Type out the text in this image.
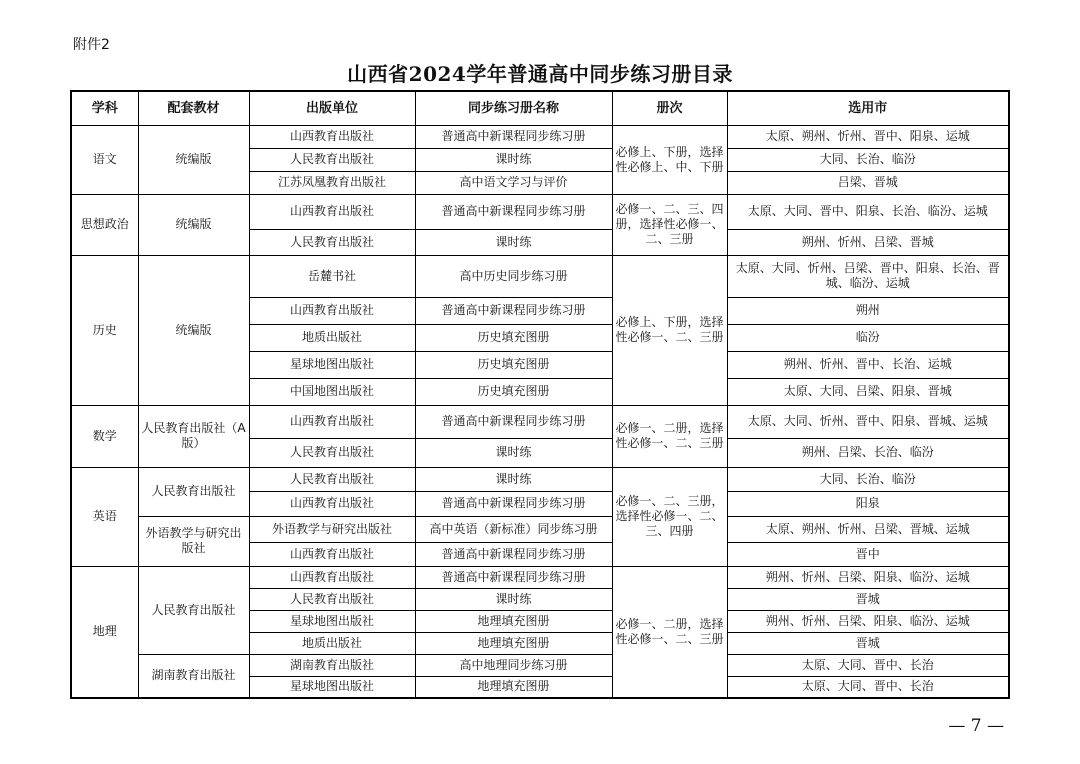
附件2
山西省2024学年普通高中同步练习册目录
学科	配套教材	出版单位	同步练习册名称	册次	选用市
语文	统编版	山西教育出版社	普通高中新课程同步练习册	必修上、下册，选择性必修上、中、下册	太原、朔州、忻州、晋中、阳泉、运城
		人民教育出版社	课时练		大同、长治、临汾
		江苏凤凰教育出版社	高中语文学习与评价		吕梁、晋城
思想政治	统编版	山西教育出版社	普通高中新课程同步练习册	必修一、二、三、四册，选择性必修一、二、三册	太原、大同、晋中、阳泉、长治、临汾、运城
		人民教育出版社	课时练		朔州、忻州、吕梁、晋城
历史	统编版	岳麓书社	高中历史同步练习册	必修上、下册，选择性必修一、二、三册	太原、大同、忻州、吕梁、晋中、阳泉、长治、晋城、临汾、运城
		山西教育出版社	普通高中新课程同步练习册		朔州
		地质出版社	历史填充图册		临汾
		星球地图出版社	历史填充图册		朔州、忻州、晋中、长治、运城
		中国地图出版社	历史填充图册		太原、大同、吕梁、阳泉、晋城
数学	人民教育出版社（A版）	山西教育出版社	普通高中新课程同步练习册	必修一、二册，选择性必修一、二、三册	太原、大同、忻州、晋中、阳泉、晋城、运城
		人民教育出版社	课时练		朔州、吕梁、长治、临汾
英语	人民教育出版社	人民教育出版社	课时练	必修一、二、三册，选择性必修一、二、三、四册	大同、长治、临汾
		山西教育出版社	普通高中新课程同步练习册		阳泉
	外语教学与研究出版社	外语教学与研究出版社	高中英语（新标准）同步练习册		太原、朔州、忻州、吕梁、晋城、运城
		山西教育出版社	普通高中新课程同步练习册		晋中
地理	人民教育出版社	山西教育出版社	普通高中新课程同步练习册	必修一、二册，选择性必修一、二、三册	朔州、忻州、吕梁、阳泉、临汾、运城
		人民教育出版社	课时练		晋城
		星球地图出版社	地理填充图册		朔州、忻州、吕梁、阳泉、临汾、运城
		地质出版社	地理填充图册		晋城
	湖南教育出版社	湖南教育出版社	高中地理同步练习册		太原、大同、晋中、长治
		星球地图出版社	地理填充图册		太原、大同、晋中、长治
— 7 —
